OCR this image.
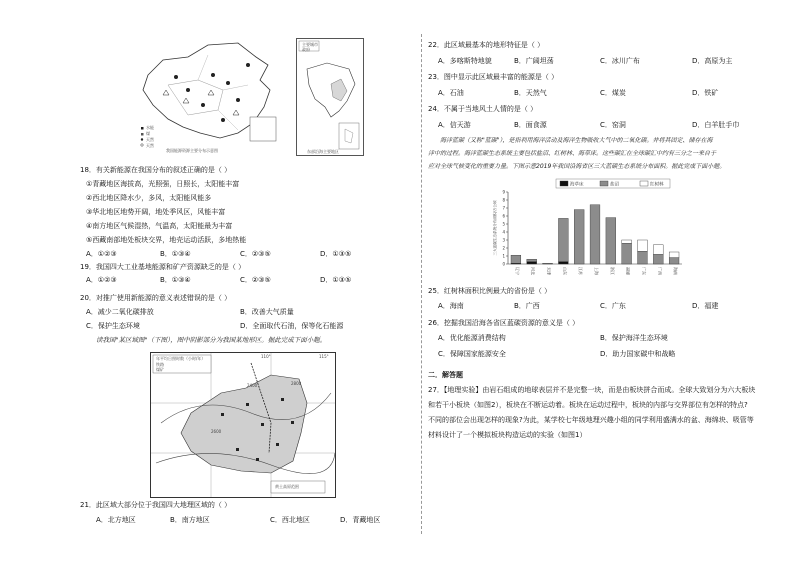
水能
煤
天然
天然
我国能源资源主要分布示意图
主要城市
政府
东部沿海主要地区
18．有关新能源在我国分布的叙述正确的是（ ）
①青藏地区海拔高，光照强，日照长，太阳能丰富
②西北地区降水少，多风，太阳能风能多
③华北地区地势开阔，地处季风区，风能丰富
④南方地区气候湿热，气温高，太阳能最为丰富
⑤西藏南部地处板块交界，地壳运动活跃，多地热能
A．①②③	B．①③④	C．②③⑤	D．①③⑤
19．我国四大工业基地能源和矿产资源缺乏的是（ ）
A．①②③	B．①③④	C．②③⑤	D．①③⑤
20．对推广使用新能源的意义表述错误的是（ ）
A．减少二氧化碳排放	B．改善大气质量
C．保护生态环境	D．全面取代石油，保等化石能源
读我国"某区域图"（下图），图中阴影部分为我国某地形区。据此完成下面小题。
年平均日照时数（小时/年）
铁路
煤矿
110°	115°
2400
2600
2800
黄土高原范围
21．此区域大部分位于我国四大地理区域的（ ）
A．北方地区	B．南方地区	C．西北地区	D．青藏地区
22．此区域最基本的地形特征是（ ）
A．多喀斯特地貌	B．广阔坦荡	C．冰川广布	D．高原为主
23．图中显示此区域最丰富的能源是（ ）
A．石油	B．天然气	C．煤炭	D．铁矿
24．不属于当地风土人情的是（ ）
A．信天游	B．面食源	C．窑洞	D．白羊肚手巾
海洋蓝碳（又称"蓝碳"），是指利用海洋活动及海洋生物吸收大气中的二氧化碳。并将其固定、储存在海
洋中的过程。海洋蓝碳生态系统主要包括盐沼、红树林、海草床。这些碳汇在全球碳汇中约有三分之一来自于
应对全球气候变化的重要力量。下图示意2019年我国沿海省区三大蓝碳生态系统分布面积。据此完成下面小题。
0
1
2
3
4
5
6
7
8
9
三大蓝碳生态系统分布面积/万公顷
辽宁	河北	天津	山东	江苏	上海	浙江	福建	广东	广西	海南
海草床	盐沼	红树林
25．红树林面积比例最大的省份是（ ）
A．海南	B．广西	C．广东	D．福建
26．挖掘我国沿海各省区蓝碳资源的意义是（ ）
A．优化能源消费结构	B．保护海洋生态环境
C．保障国家能源安全	D．助力国家碳中和战略
二．解答题
27．【地理实验】由岩石组成的地球表层并不是完整一块，而是由板块拼合而成。全球大致划分为六大板块
和若干小板块（如图2），板块在不断运动着。板块在运动过程中，板块的内部与交界部位有怎样的特点?
不同的部位会出现怎样的现象?为此，某学校七年级地理兴趣小组的同学利用盛满水的盆、海绵块、吸管等
材料设计了一个模拟板块构造运动的实验（如图1）
